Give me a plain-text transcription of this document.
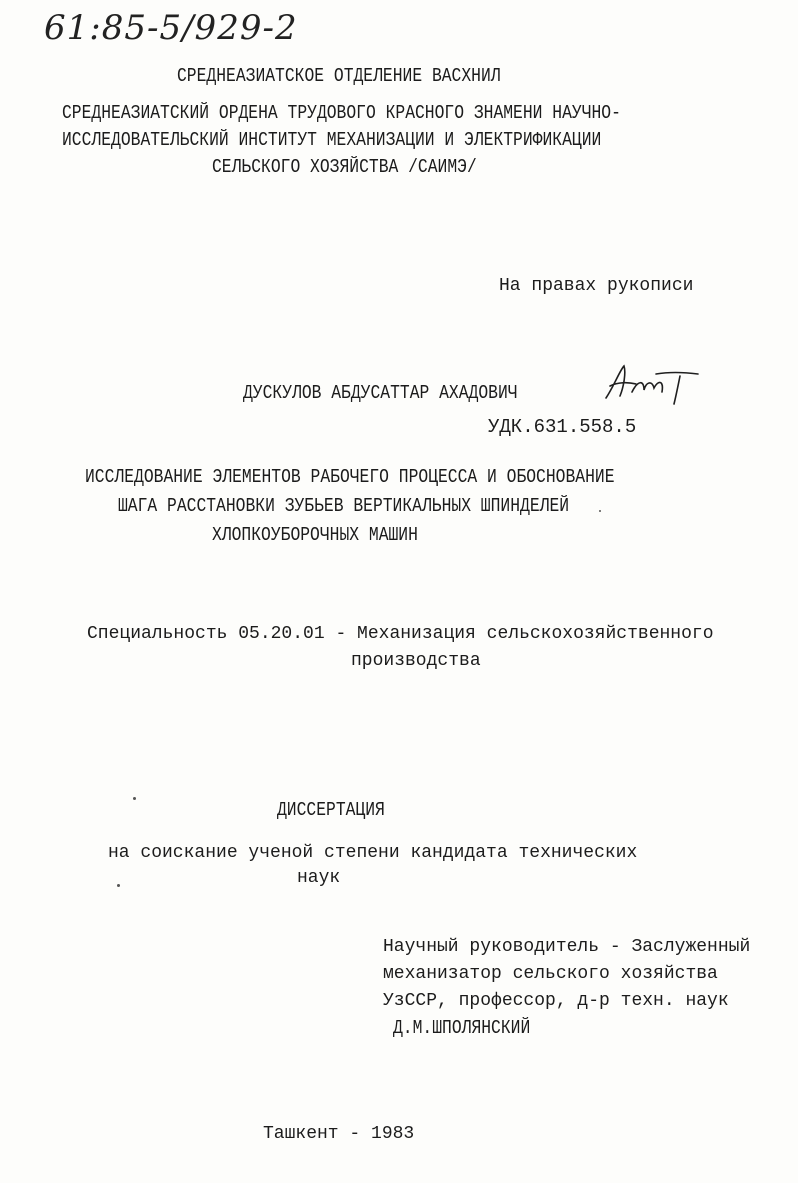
61:85-5/929-2
СРЕДНЕАЗИАТСКОЕ ОТДЕЛЕНИЕ ВАСХНИЛ
СРЕДНЕАЗИАТСКИЙ ОРДЕНА ТРУДОВОГО КРАСНОГО ЗНАМЕНИ НАУЧНО-
ИССЛЕДОВАТЕЛЬСКИЙ ИНСТИТУТ МЕХАНИЗАЦИИ И ЭЛЕКТРИФИКАЦИИ
СЕЛЬСКОГО ХОЗЯЙСТВА /САИМЭ/
На правах рукописи
ДУСКУЛОВ АБДУСАТТАР АХАДОВИЧ
УДК.631.558.5
ИССЛЕДОВАНИЕ ЭЛЕМЕНТОВ РАБОЧЕГО ПРОЦЕССА И ОБОСНОВАНИЕ
ШАГА РАССТАНОВКИ ЗУБЬЕВ ВЕРТИКАЛЬНЫХ ШПИНДЕЛЕЙ
ХЛОПКОУБОРОЧНЫХ МАШИН
Специальность 05.20.01 - Механизация сельскохозяйственного
производства
ДИССЕРТАЦИЯ
на соискание ученой степени кандидата технических
наук
Научный руководитель - Заслуженный
механизатор сельского хозяйства
УзССР, профессор, д-р техн. наук
Д.М.ШПОЛЯНСКИЙ
Ташкент - 1983
